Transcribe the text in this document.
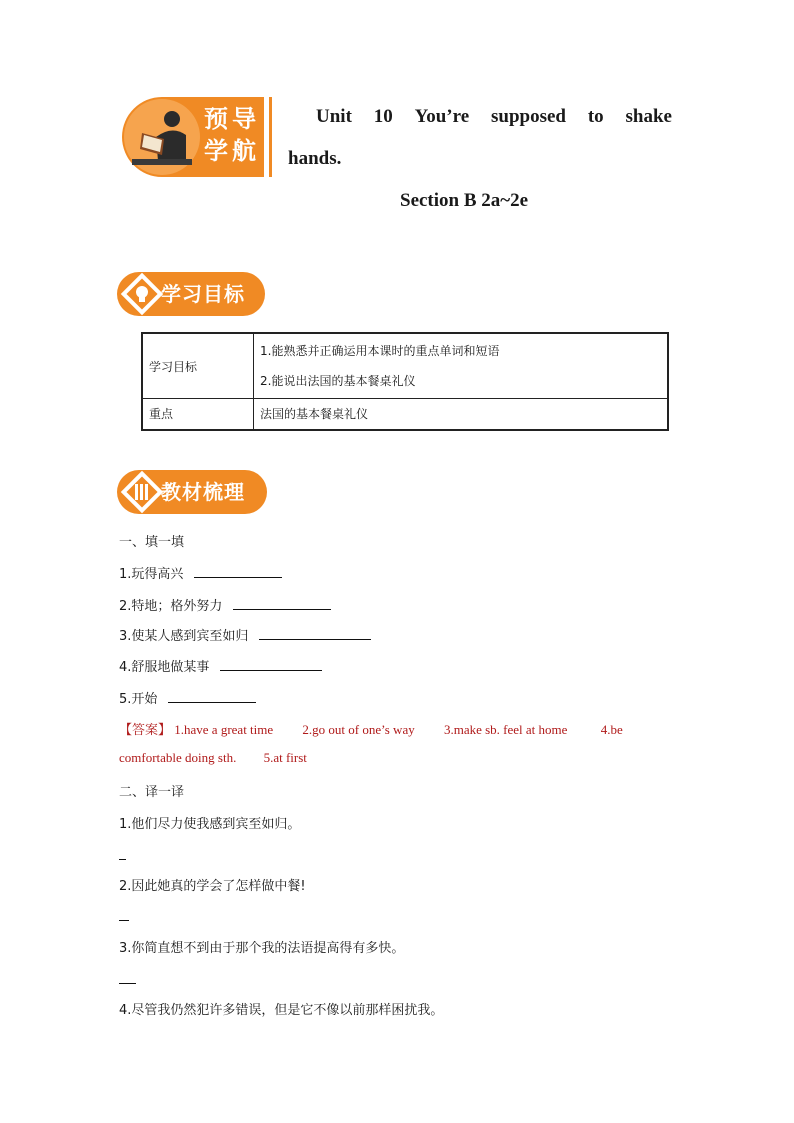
预导
学航
Unit 10 You’re supposed to shake
hands.
Section B 2a~2e
学习目标
学习目标	1.能熟悉并正确运用本课时的重点单词和短语
2.能说出法国的基本餐桌礼仪

重点	法国的基本餐桌礼仪
教材梳理
一、填一填
1.玩得高兴
2.特地；格外努力
3.使某人感到宾至如归
4.舒服地做某事
5.开始
【答案】 1.have a great time 2.go out of one’s way 3.make sb. feel at home	4.be
comfortable doing sth. 5.at first
二、译一译
1.他们尽力使我感到宾至如归。
2.因此她真的学会了怎样做中餐!
3.你简直想不到由于那个我的法语提高得有多快。
4.尽管我仍然犯许多错误，但是它不像以前那样困扰我。
